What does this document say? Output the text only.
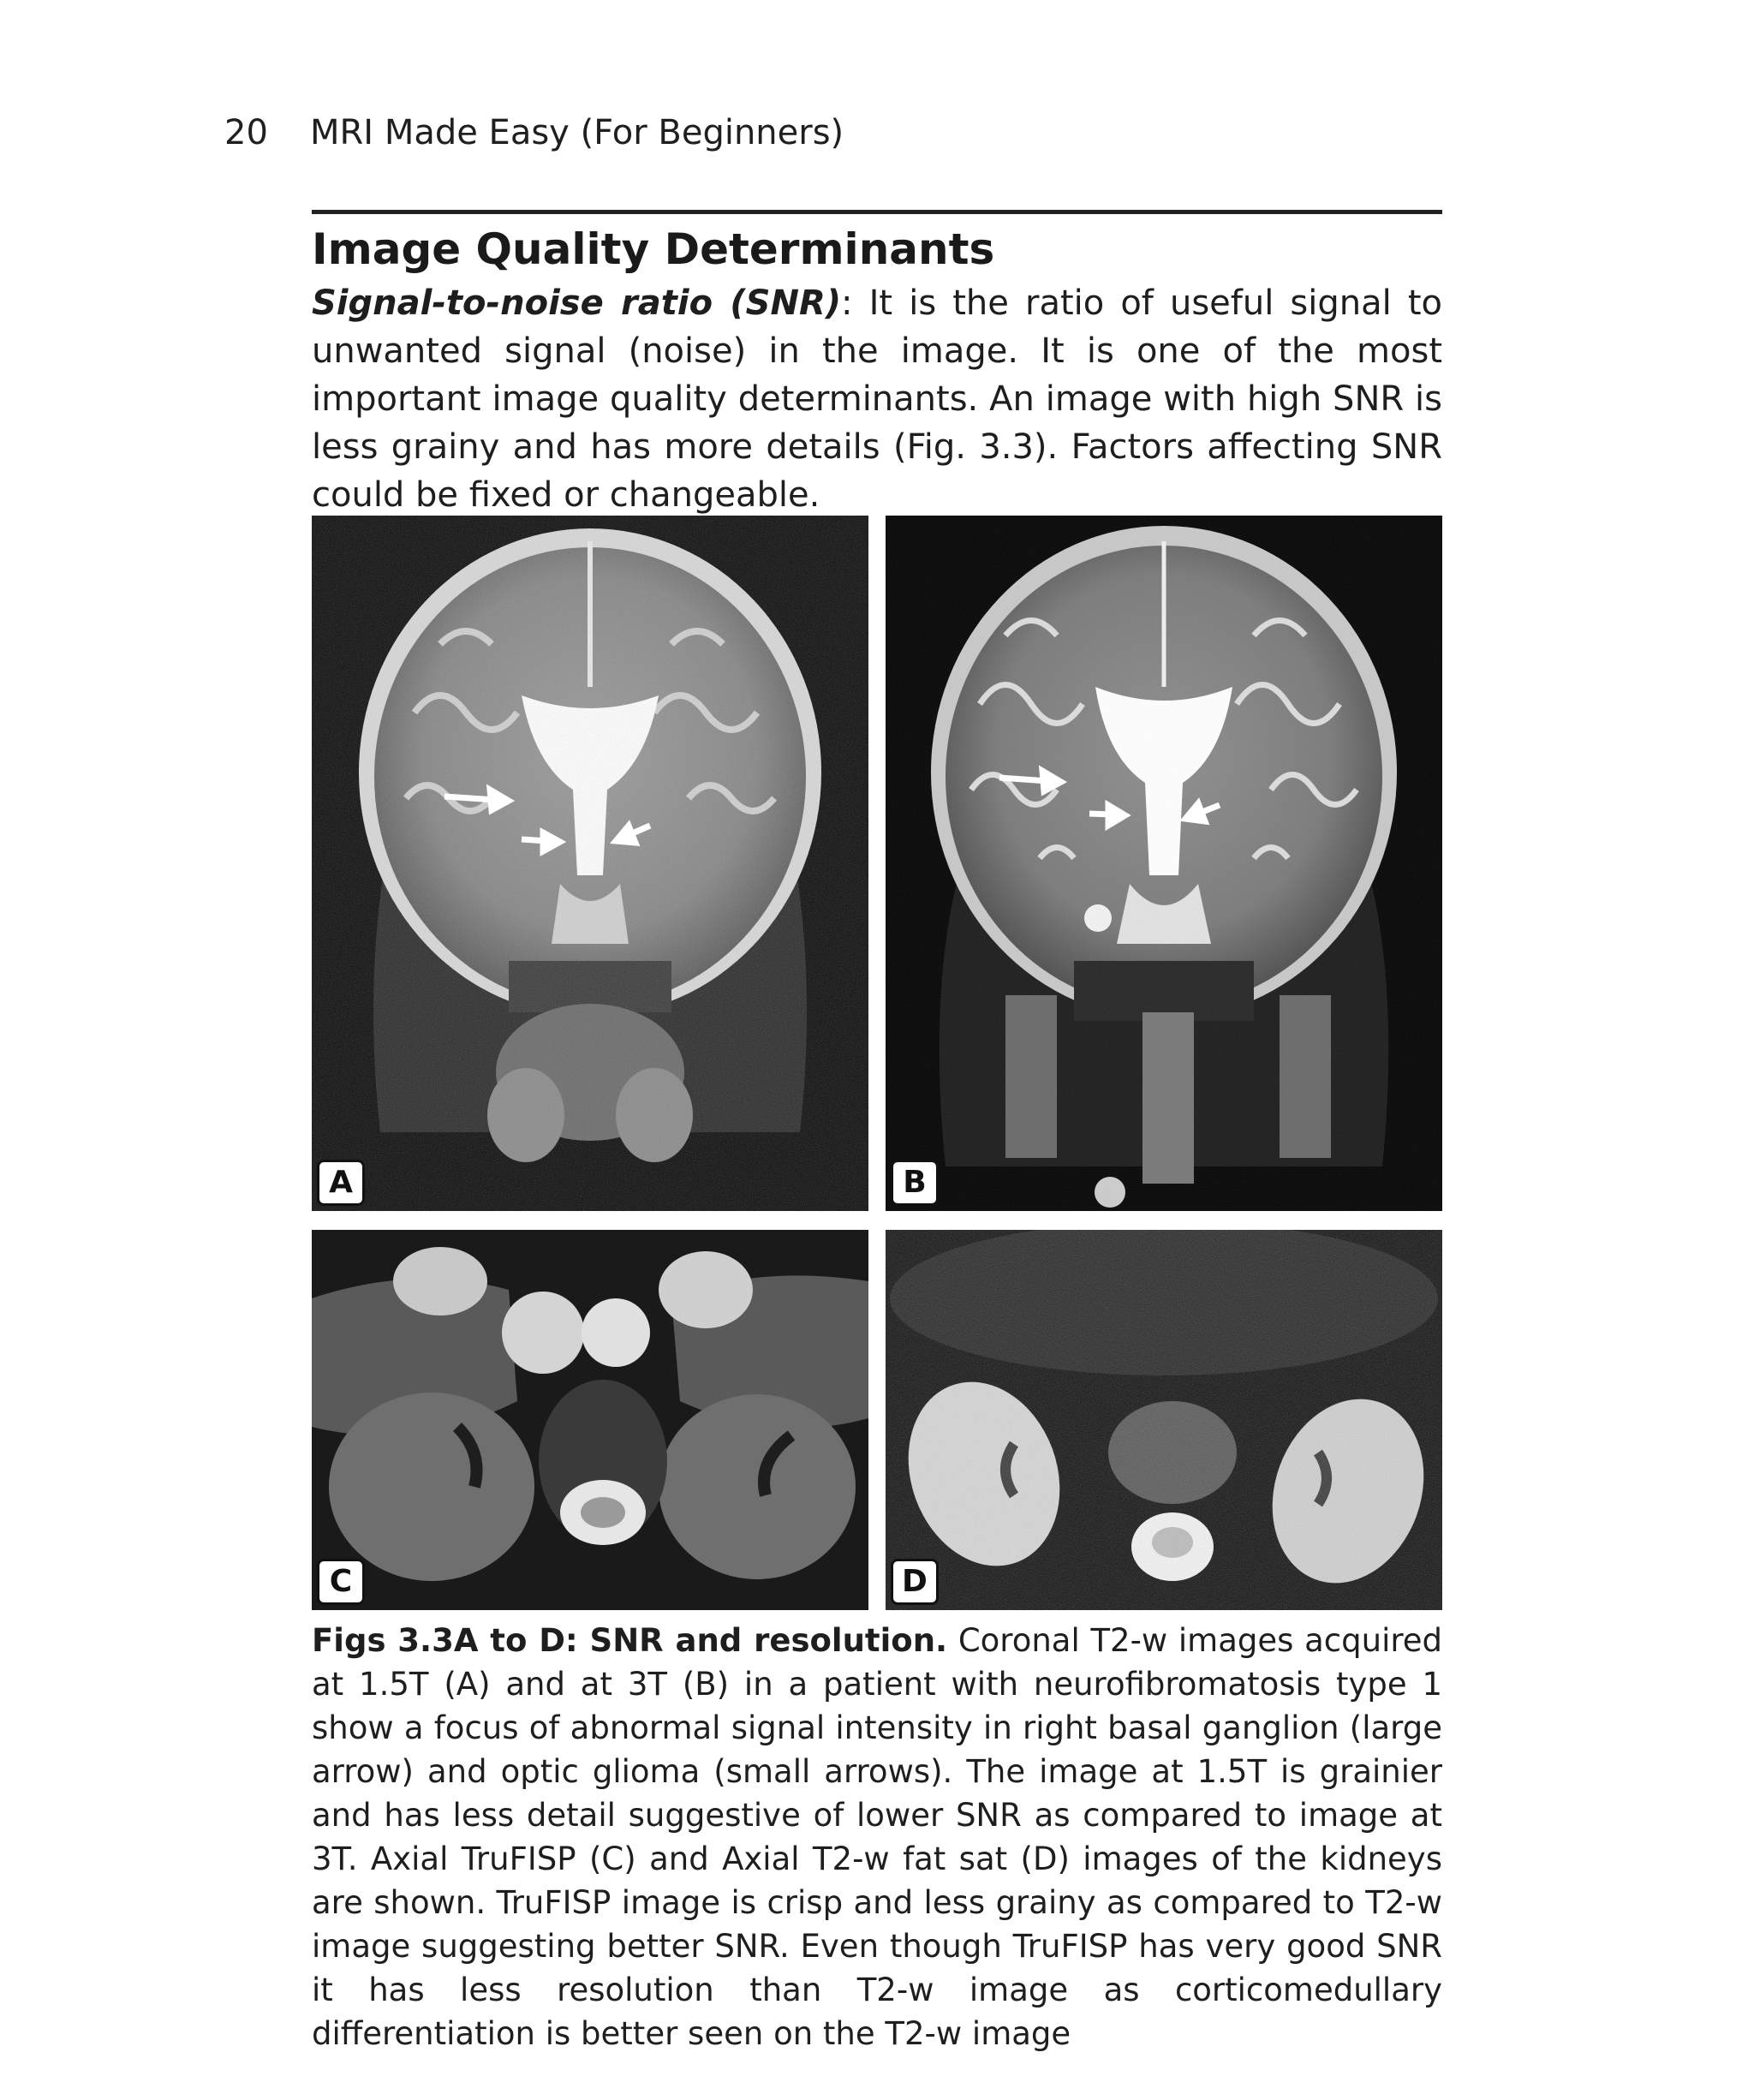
20 MRI Made Easy (For Beginners)
Image Quality Determinants

Signal-to-noise ratio (SNR): It is the ratio of useful signal to unwanted signal (noise) in the image. It is one of the most important image quality determinants. An image with high SNR is less grainy and has more details (Fig. 3.3). Factors affecting SNR could be fixed or changeable.

A	B
C	D

Figs 3.3A to D: SNR and resolution. Coronal T2-w images acquired at 1.5T (A) and at 3T (B) in a patient with neurofibromatosis type 1 show a focus of abnormal signal intensity in right basal ganglion (large arrow) and optic glioma (small arrows). The image at 1.5T is grainier and has less detail suggestive of lower SNR as compared to image at 3T. Axial TruFISP (C) and Axial T2-w fat sat (D) images of the kidneys are shown. TruFISP image is crisp and less grainy as compared to T2-w image suggesting better SNR. Even though TruFISP has very good SNR it has less resolution than T2-w image as corticomedullary differentiation is better seen on the T2-w image
